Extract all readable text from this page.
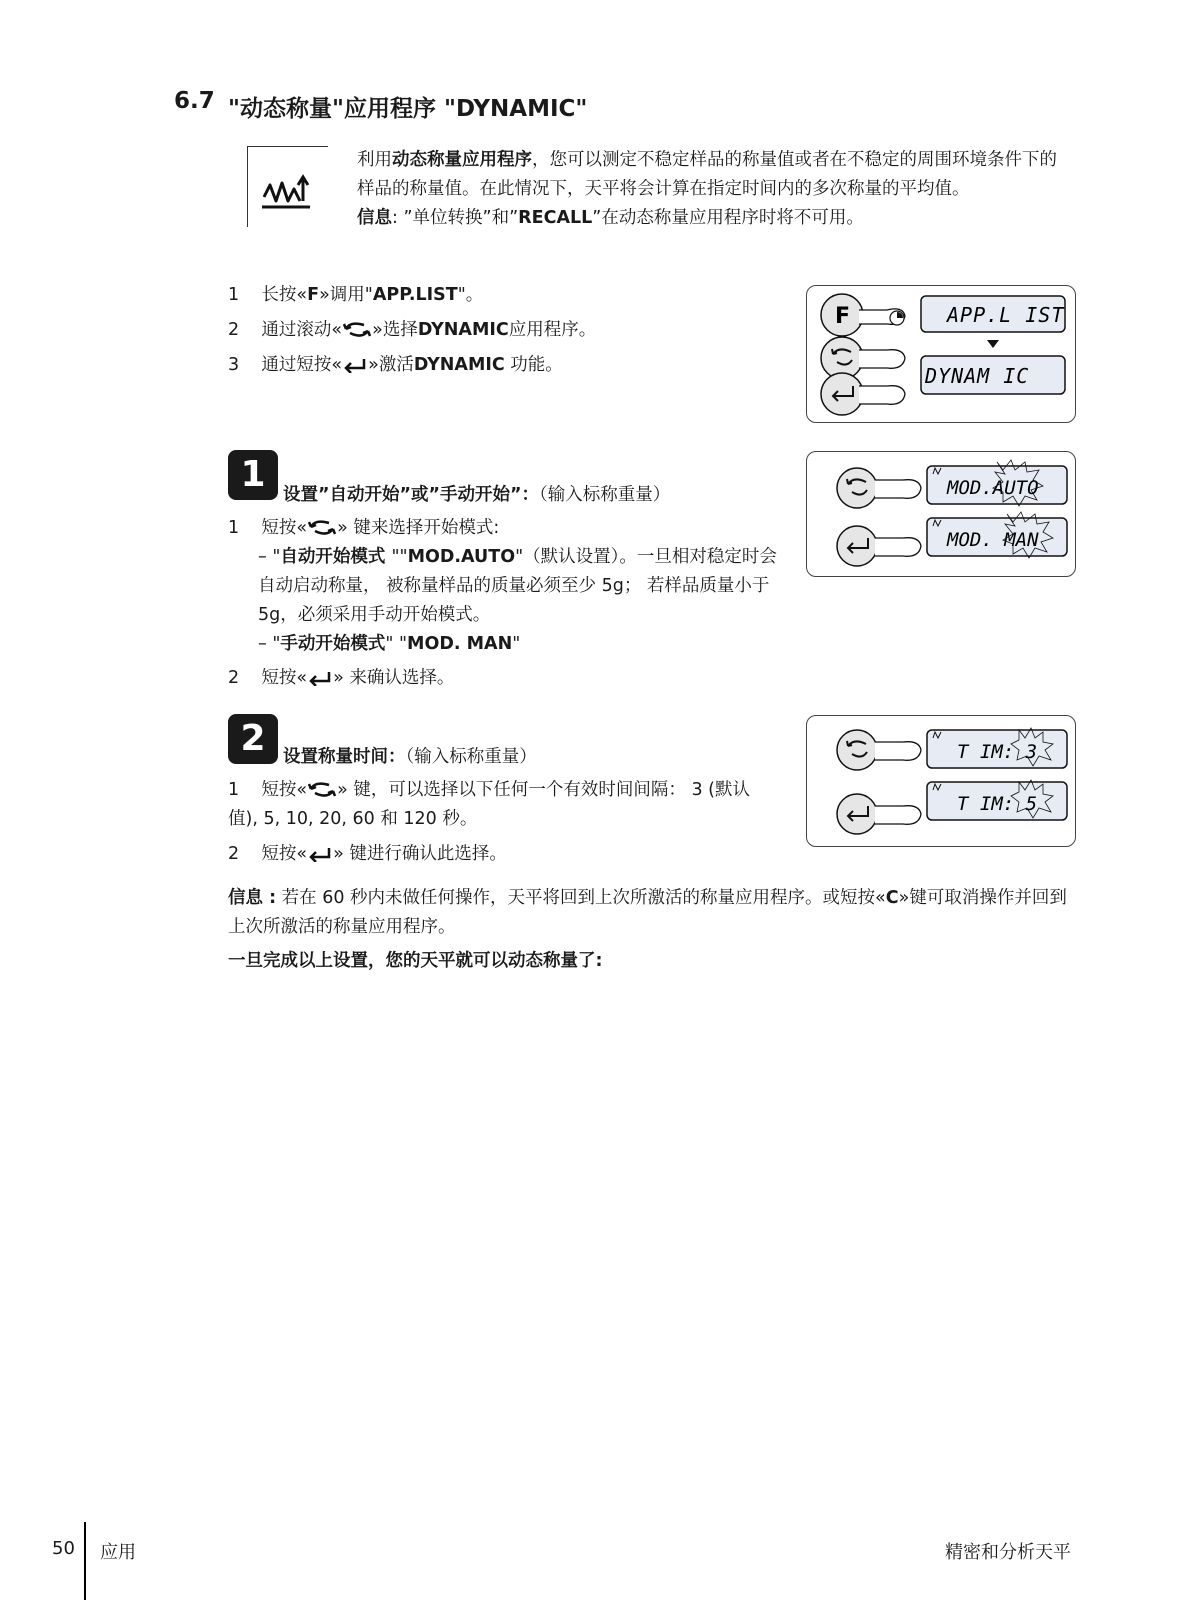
6.7 "动态称量"应用程序 "DYNAMIC"
利用动态称量应用程序，您可以测定不稳定样品的称量值或者在不稳定的周围环境条件下的样品的称量值。在此情况下，天平将会计算在指定时间内的多次称量的平均值。
信息: ”单位转换”和”RECALL”在动态称量应用程序时将不可用。
1 长按«F»调用"APP.LIST"。
2 通过滚动« »选择DYNAMIC应用程序。
3 通过短按« »激活DYNAMIC 功能。
F	APP.L IST
DYNAM IC
1 设置”自动开始”或”手动开始”：（输入标称重量）
1 短按« » 键来选择开始模式:
– "自动开始模式 ""MOD.AUTO"（默认设置）。一旦相对稳定时会自动启动称量， 被称量样品的质量必须至少 5g； 若样品质量小于 5g，必须采用手动开始模式。
– "手动开始模式" "MOD. MAN"
2 短按« » 来确认选择。
MOD.AUTO
MOD. MAN
2 设置称量时间：（输入标称重量）
1 短按« » 键，可以选择以下任何一个有效时间间隔： 3 (默认值), 5, 10, 20, 60 和 120 秒。
2 短按« » 键进行确认此选择。
T IM: 3
T IM: 5
信息 : 若在 60 秒内未做任何操作，天平将回到上次所激活的称量应用程序。或短按«C»键可取消操作并回到上次所激活的称量应用程序。
一旦完成以上设置，您的天平就可以动态称量了:
50 应用	精密和分析天平
